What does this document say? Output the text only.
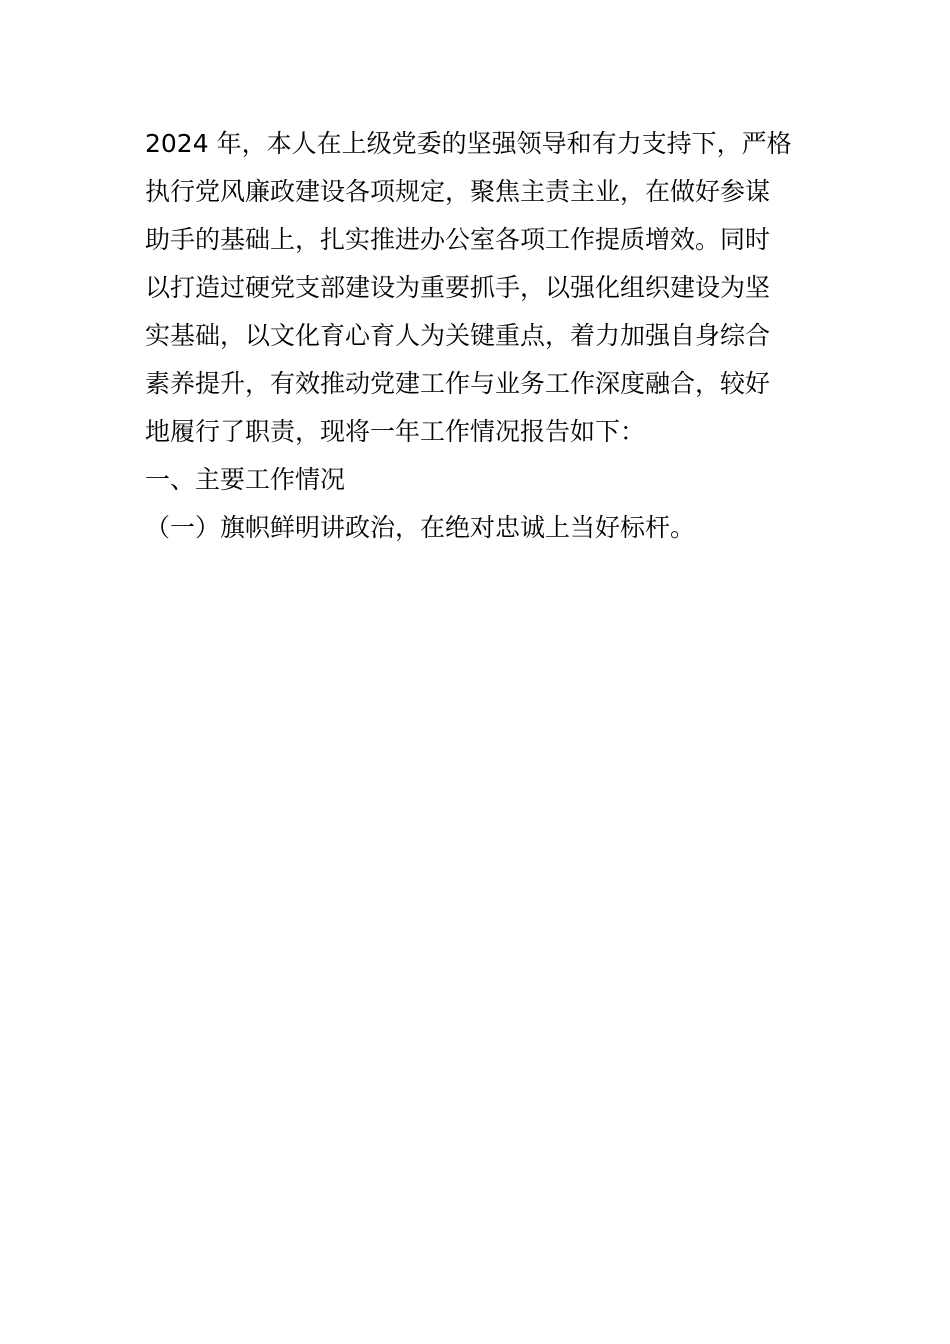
2024 年，本人在上级党委的坚强领导和有力支持下，严格
执行党风廉政建设各项规定，聚焦主责主业，在做好参谋
助手的基础上，扎实推进办公室各项工作提质增效。同时
以打造过硬党支部建设为重要抓手，以强化组织建设为坚
实基础，以文化育心育人为关键重点，着力加强自身综合
素养提升，有效推动党建工作与业务工作深度融合，较好
地履行了职责，现将一年工作情况报告如下：
一、主要工作情况
（一）旗帜鲜明讲政治，在绝对忠诚上当好标杆。
